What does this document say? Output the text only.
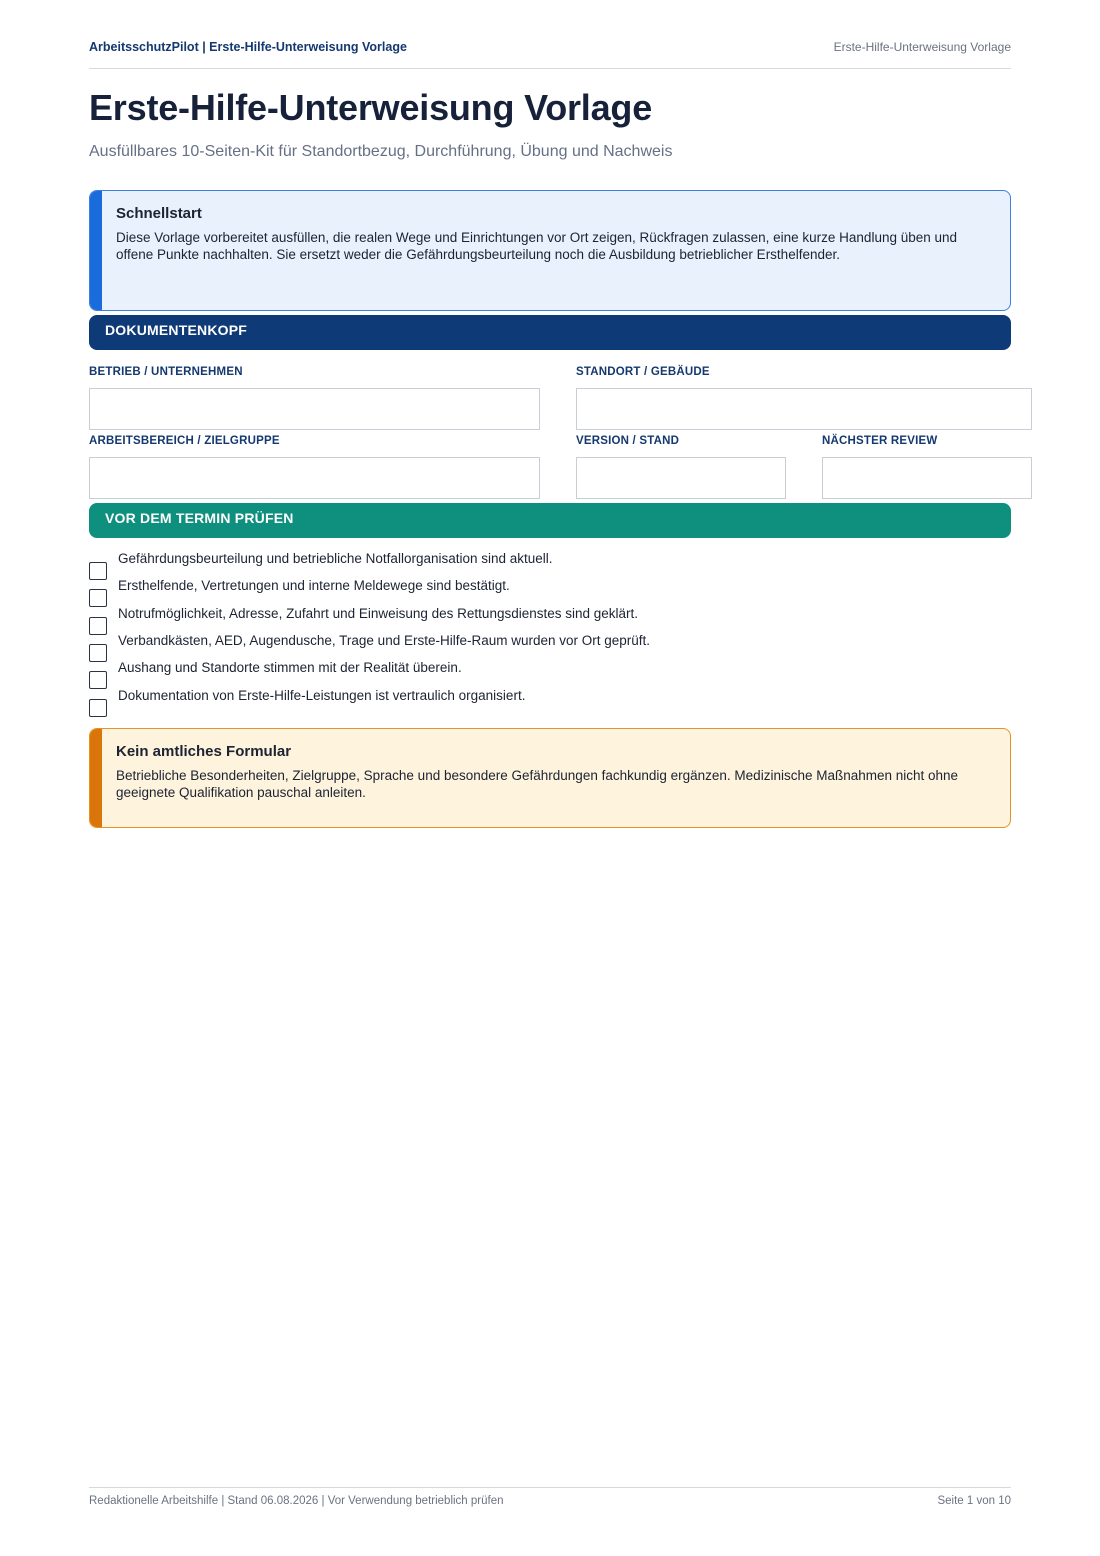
ArbeitsschutzPilot | Erste-Hilfe-Unterweisung Vorlage	Erste-Hilfe-Unterweisung Vorlage
Erste-Hilfe-Unterweisung Vorlage
Ausfüllbares 10-Seiten-Kit für Standortbezug, Durchführung, Übung und Nachweis
Schnellstart
Diese Vorlage vorbereitet ausfüllen, die realen Wege und Einrichtungen vor Ort zeigen, Rückfragen zulassen, eine kurze Handlung üben und offene Punkte nachhalten. Sie ersetzt weder die Gefährdungsbeurteilung noch die Ausbildung betrieblicher Ersthelfender.
DOKUMENTENKOPF
BETRIEB / UNTERNEHMEN	STANDORT / GEBÄUDE
ARBEITSBEREICH / ZIELGRUPPE	VERSION / STAND	NÄCHSTER REVIEW
VOR DEM TERMIN PRÜFEN
Gefährdungsbeurteilung und betriebliche Notfallorganisation sind aktuell.
Ersthelfende, Vertretungen und interne Meldewege sind bestätigt.
Notrufmöglichkeit, Adresse, Zufahrt und Einweisung des Rettungsdienstes sind geklärt.
Verbandkästen, AED, Augendusche, Trage und Erste-Hilfe-Raum wurden vor Ort geprüft.
Aushang und Standorte stimmen mit der Realität überein.
Dokumentation von Erste-Hilfe-Leistungen ist vertraulich organisiert.
Kein amtliches Formular
Betriebliche Besonderheiten, Zielgruppe, Sprache und besondere Gefährdungen fachkundig ergänzen. Medizinische Maßnahmen nicht ohne geeignete Qualifikation pauschal anleiten.
Redaktionelle Arbeitshilfe | Stand 06.08.2026 | Vor Verwendung betrieblich prüfen	Seite 1 von 10
